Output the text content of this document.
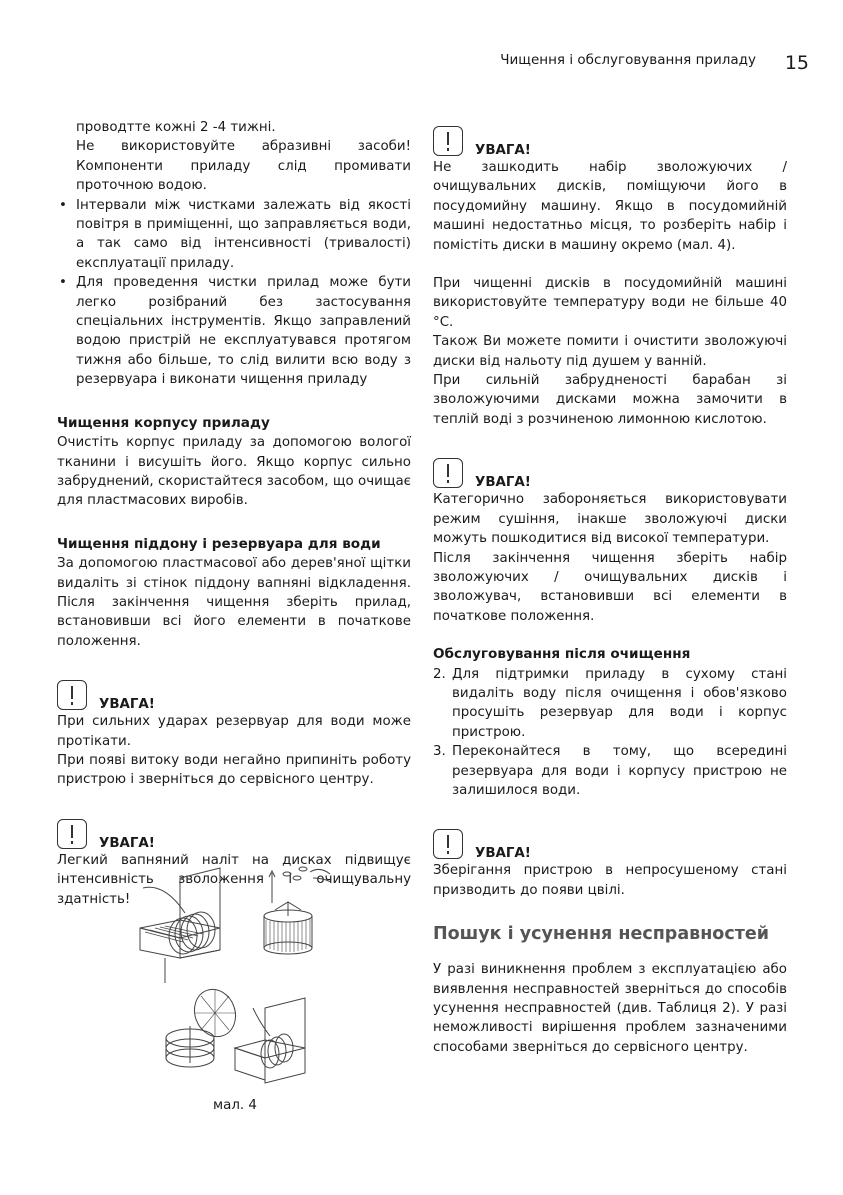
Чищення і обслуговування приладу 15

проводтте кожні 2 -4 тижні.

Не використовуйте абразивні засоби! Компоненти приладу слід промивати проточною водою.

• Інтервали між чистками залежать від якості повітря в приміщенні, що заправляється води, а так само від інтенсивності (тривалості) експлуатації приладу.
• Для проведення чистки прилад може бути легко розібраний без застосування спеціальних інструментів. Якщо заправлений водою пристрій не експлуатувався протягом тижня або більше, то слід вилити всю воду з резервуара і виконати чищення приладу
Чищення корпусу приладу

Очистіть корпус приладу за допомогою вологої тканини і висушіть його. Якщо корпус сильно забруднений, скористайтеся засобом, що очищає для пластмасових виробів.

Чищення піддону і резервуара для води

За допомогою пластмасової або дерев'яної щітки видаліть зі стінок піддону вапняні відкладення. Після закінчення чищення зберіть прилад, встановивши всі його елементи в початкове положення.

УВАГА!

При сильних ударах резервуар для води може протікати.

При появі витоку води негайно припиніть роботу пристрою і зверніться до сервісного центру.

УВАГА!

Легкий вапняний наліт на дисках підвищує інтенсивність зволоження і очищувальну здатність!

мал. 4
УВАГА!

Не зашкодить набір зволожуючих / очищувальних дисків, поміщуючи його в посудомийну машину. Якщо в посудомийній машині недостатньо місця, то розберіть набір і помістіть диски в машину окремо (мал. 4).

При чищенні дисків в посудомийній машині використовуйте температуру води не більше 40 °С.

Також Ви можете помити і очистити зволожуючі диски від нальоту під душем у ванній.

При сильній забрудненості барабан зі зволожуючими дисками можна замочити в теплій воді з розчиненою лимонною кислотою.

УВАГА!

Категорично забороняється використовувати режим сушіння, інакше зволожуючі диски можуть пошкодитися від високої температури.

Після закінчення чищення зберіть набір зволожуючих / очищувальних дисків і зволожувач, встановивши всі елементи в початкове положення.

Обслуговування після очищення
2. Для підтримки приладу в сухому стані видаліть воду після очищення і обов'язково просушіть резервуар для води і корпус пристрою.
3. Переконайтеся в тому, що всередині резервуара для води і корпусу пристрою не залишилося води.
УВАГА!

Зберігання пристрою в непросушеному стані призводить до появи цвілі.

Пошук і усунення несправностей

У разі виникнення проблем з експлуатацією або виявлення несправностей зверніться до способів усунення несправностей (див. Таблиця 2). У разі неможливості вирішення проблем зазначеними способами зверніться до сервісного центру.
